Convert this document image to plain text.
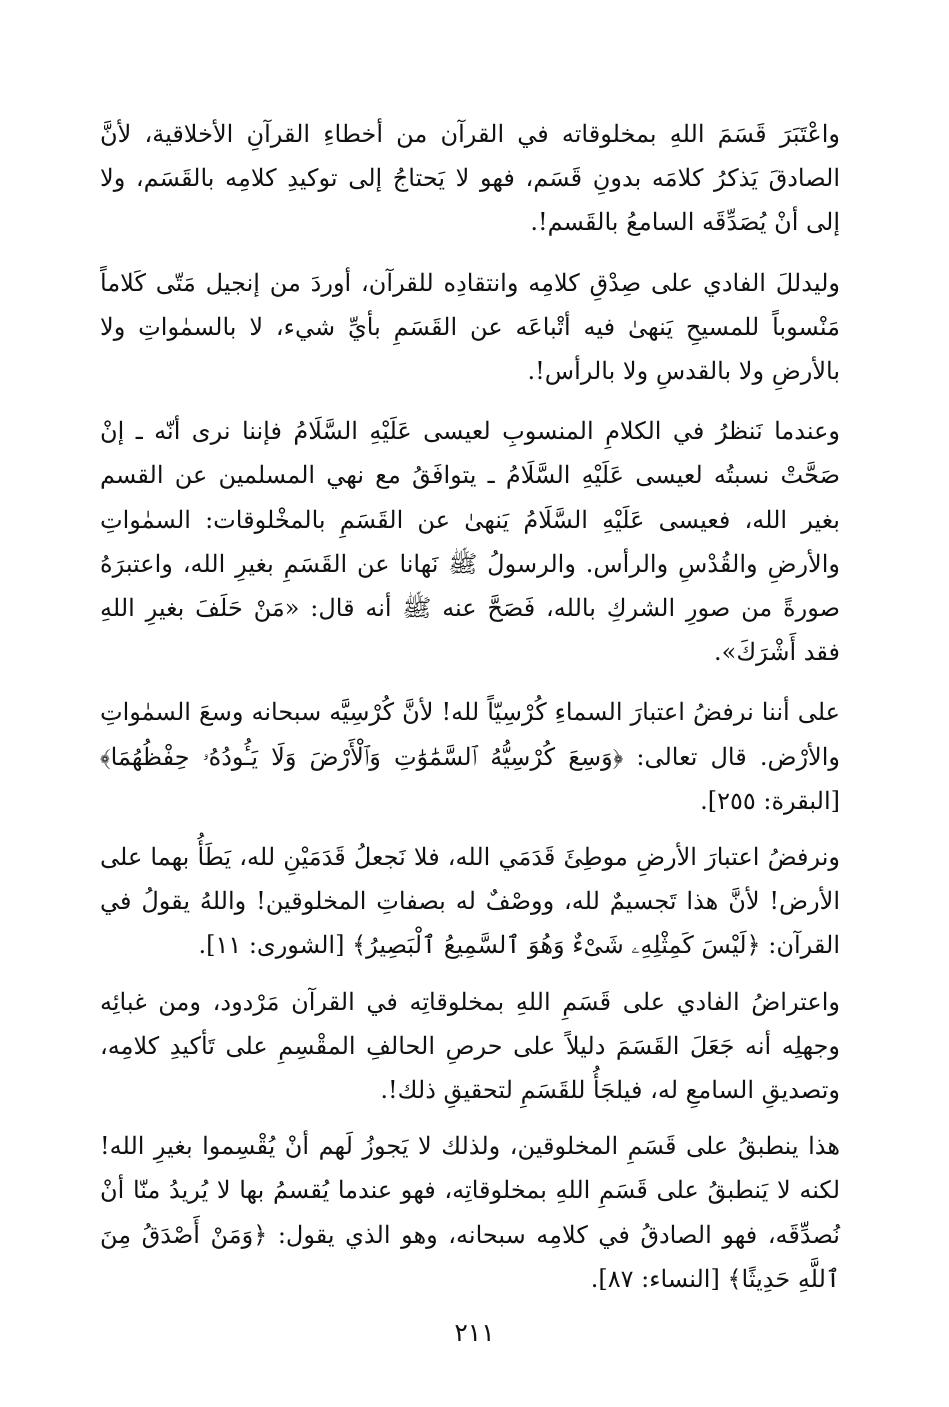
واعْتَبَرَ قَسَمَ اللهِ بمخلوقاته في القرآن من أخطاءِ القرآنِ الأخلاقية، لأنَّ الصادقَ يَذكرُ كلامَه بدونِ قَسَم، فهو لا يَحتاجُ إلى توكيدِ كلامِه بالقَسَم، ولا إلى أنْ يُصَدِّقَه السامعُ بالقَسم!.

وليدللَ الفادي على صِدْقِ كلامِه وانتقادِه للقرآن، أوردَ من إنجيل مَتّى كَلاماً مَنْسوباً للمسيحِ يَنهىٰ فيه أتْباعَه عن القَسَمِ بأيِّ شيء، لا بالسمٰواتِ ولا بالأرضِ ولا بالقدسِ ولا بالرأس!.

وعندما نَنظرُ في الكلامِ المنسوبِ لعيسى عَلَيْهِ السَّلَامُ فإننا نرى أنّه ـ إنْ صَحَّتْ نسبتُه لعيسى عَلَيْهِ السَّلَامُ ـ يتوافَقُ مع نهي المسلمين عن القسم بغير الله، فعيسى عَلَيْهِ السَّلَامُ يَنهىٰ عن القَسَمِ بالمخْلوقات: السمٰواتِ والأرضِ والقُدْسِ والرأس. والرسولُ ﷺ نَهانا عن القَسَمِ بغيرِ الله، واعتبرَهُ صورةً من صورِ الشركِ بالله، فَصَحَّ عنه ﷺ أنه قال: «مَنْ حَلَفَ بغيرِ اللهِ فقد أَشْرَكَ».

على أننا نرفضُ اعتبارَ السماءِ كُرْسِيّاً لله! لأنَّ كُرْسِيَّه سبحانه وسعَ السمٰواتِ والأرْض. قال تعالى: ﴿وَسِعَ كُرْسِيُّهُ ٱلسَّمَٰوَٰتِ وَٱلْأَرْضَ وَلَا يَـُٔودُهُۥ حِفْظُهُمَا﴾ [البقرة: ٢٥٥].

ونرفضُ اعتبارَ الأرضِ موطِئَ قَدَمَي الله، فلا نَجعلُ قَدَمَيْنِ لله، يَطَأُ بهما على الأرض! لأنَّ هذا تَجسيمٌ لله، ووصْفٌ له بصفاتِ المخلوقين! واللهُ يقولُ في القرآن: ﴿لَيْسَ كَمِثْلِهِۦ شَىْءٌ وَهُوَ ٱلسَّمِيعُ ٱلْبَصِيرُ﴾ [الشورى: ١١].

واعتراضُ الفادي على قَسَمِ اللهِ بمخلوقاتِه في القرآن مَرْدود، ومن غبائِه وجهلِه أنه جَعَلَ القَسَمَ دليلاً على حرصِ الحالفِ المقْسِمِ على تَأكيدِ كلامِه، وتصديقِ السامعِ له، فيلجَأُ للقَسَمِ لتحقيقِ ذلك!.

هذا ينطبقُ على قَسَمِ المخلوقين، ولذلك لا يَجوزُ لَهم أنْ يُقْسِموا بغيرِ الله! لكنه لا يَنطبقُ على قَسَمِ اللهِ بمخلوقاتِه، فهو عندما يُقسمُ بها لا يُريدُ منّا أنْ نُصدِّقَه، فهو الصادقُ في كلامِه سبحانه، وهو الذي يقول: ﴿وَمَنْ أَصْدَقُ مِنَ ٱللَّهِ حَدِيثًا﴾ [النساء: ٨٧].

٢١١
